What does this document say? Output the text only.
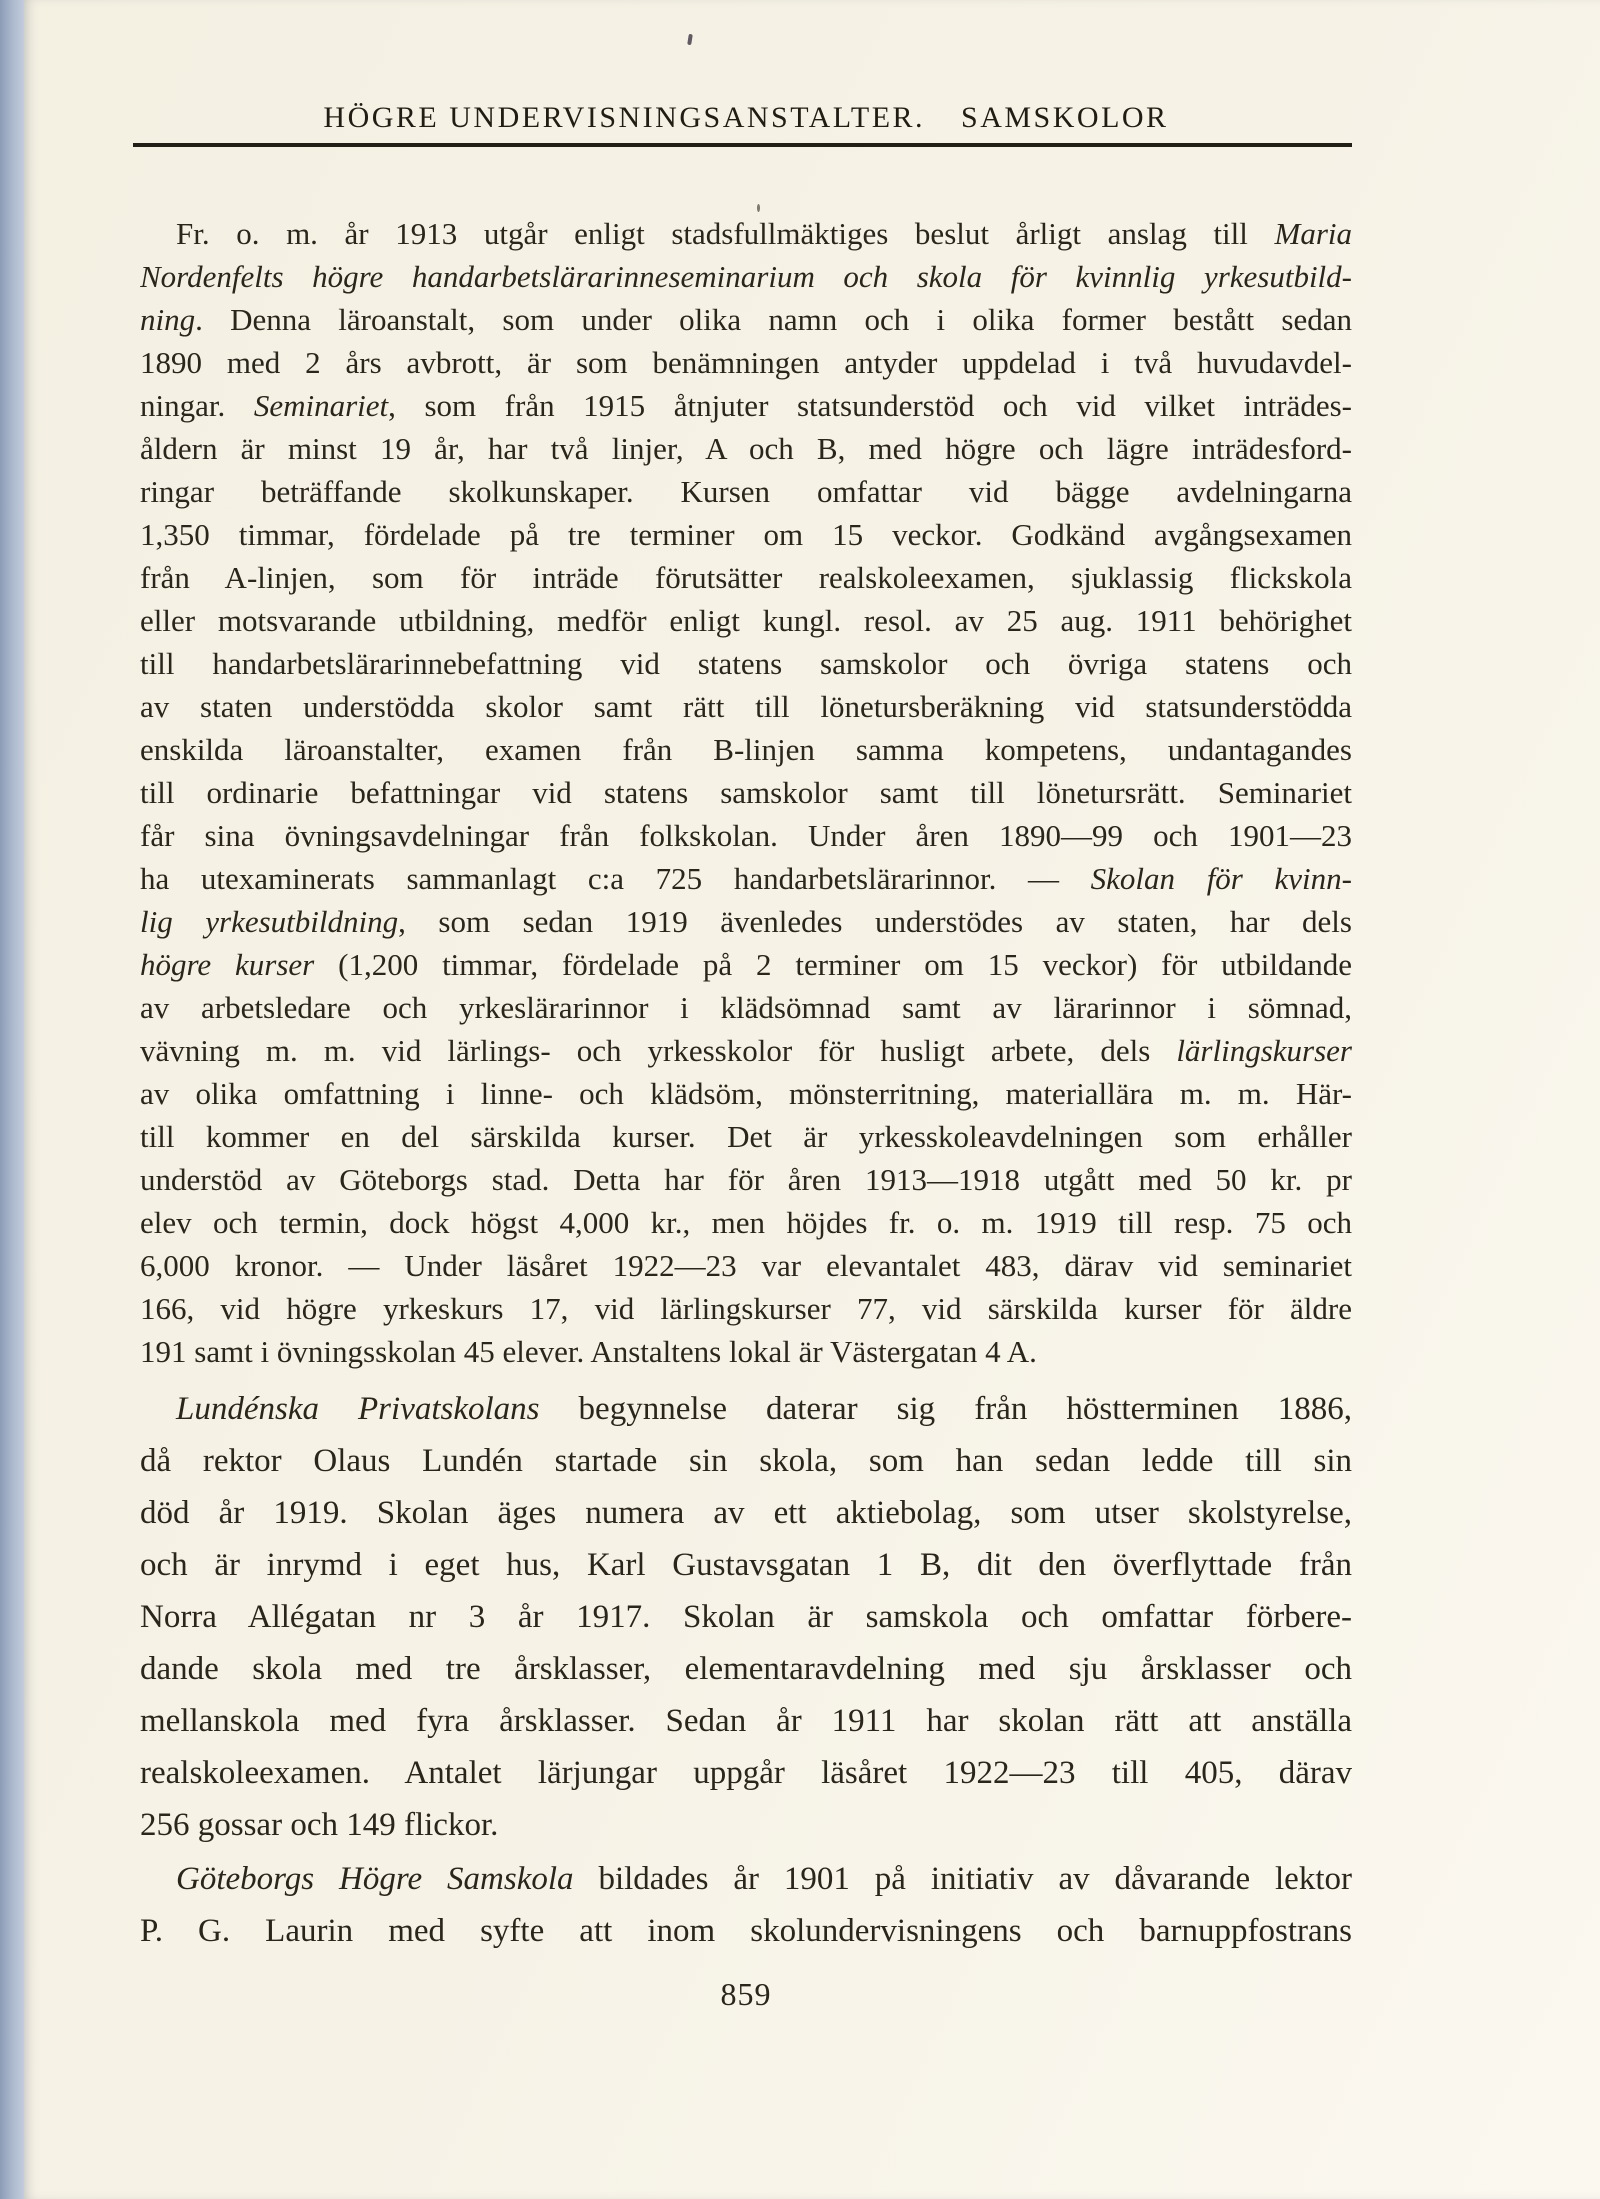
HÖGRE UNDERVISNINGSANSTALTER. SAMSKOLOR
Fr. o. m. år 1913 utgår enligt stadsfullmäktiges beslut årligt anslag till Maria
Nordenfelts högre handarbetslärarinneseminarium och skola för kvinnlig yrkesutbild-
ning. Denna läroanstalt, som under olika namn och i olika former bestått sedan
1890 med 2 års avbrott, är som benämningen antyder uppdelad i två huvudavdel-
ningar. Seminariet, som från 1915 åtnjuter statsunderstöd och vid vilket inträdes-
åldern är minst 19 år, har två linjer, A och B, med högre och lägre inträdesford-
ringar beträffande skolkunskaper. Kursen omfattar vid bägge avdelningarna
1,350 timmar, fördelade på tre terminer om 15 veckor. Godkänd avgångsexamen
från A-linjen, som för inträde förutsätter realskoleexamen, sjuklassig flickskola
eller motsvarande utbildning, medför enligt kungl. resol. av 25 aug. 1911 behörighet
till handarbetslärarinnebefattning vid statens samskolor och övriga statens och
av staten understödda skolor samt rätt till lönetursberäkning vid statsunderstödda
enskilda läroanstalter, examen från B-linjen samma kompetens, undantagandes
till ordinarie befattningar vid statens samskolor samt till lönetursrätt. Seminariet
får sina övningsavdelningar från folkskolan. Under åren 1890—99 och 1901—23
ha utexaminerats sammanlagt c:a 725 handarbetslärarinnor. — Skolan för kvinn-
lig yrkesutbildning, som sedan 1919 ävenledes understödes av staten, har dels
högre kurser (1,200 timmar, fördelade på 2 terminer om 15 veckor) för utbildande
av arbetsledare och yrkeslärarinnor i klädsömnad samt av lärarinnor i sömnad,
vävning m. m. vid lärlings- och yrkesskolor för husligt arbete, dels lärlingskurser
av olika omfattning i linne- och klädsöm, mönsterritning, materiallära m. m. Här-
till kommer en del särskilda kurser. Det är yrkesskoleavdelningen som erhåller
understöd av Göteborgs stad. Detta har för åren 1913—1918 utgått med 50 kr. pr
elev och termin, dock högst 4,000 kr., men höjdes fr. o. m. 1919 till resp. 75 och
6,000 kronor. — Under läsåret 1922—23 var elevantalet 483, därav vid seminariet
166, vid högre yrkeskurs 17, vid lärlingskurser 77, vid särskilda kurser för äldre
191 samt i övningsskolan 45 elever. Anstaltens lokal är Västergatan 4 A.
Lundénska Privatskolans begynnelse daterar sig från höstterminen 1886,
då rektor Olaus Lundén startade sin skola, som han sedan ledde till sin
död år 1919. Skolan äges numera av ett aktiebolag, som utser skolstyrelse,
och är inrymd i eget hus, Karl Gustavsgatan 1 B, dit den överflyttade från
Norra Allégatan nr 3 år 1917. Skolan är samskola och omfattar förbere-
dande skola med tre årsklasser, elementaravdelning med sju årsklasser och
mellanskola med fyra årsklasser. Sedan år 1911 har skolan rätt att anställa
realskoleexamen. Antalet lärjungar uppgår läsåret 1922—23 till 405, därav
256 gossar och 149 flickor.
Göteborgs Högre Samskola bildades år 1901 på initiativ av dåvarande lektor
P. G. Laurin med syfte att inom skolundervisningens och barnuppfostrans
859
